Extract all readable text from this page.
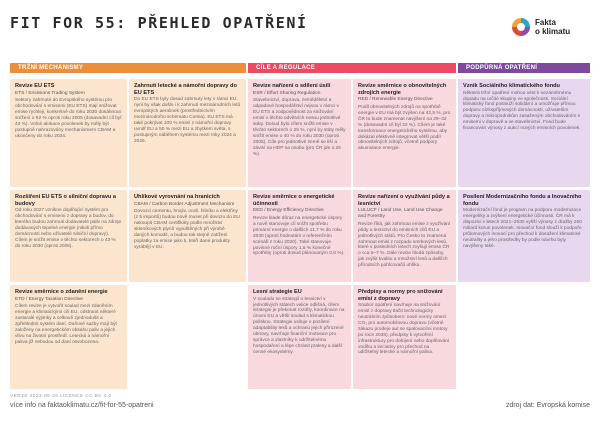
FIT FOR 55: PŘEHLED OPATŘENÍ	Fakta
o klimatu
TRŽNÍ MECHANISMY	CÍLE A REGULACE	PODPŮRNÁ OPATŘENÍ
Revize EU ETS
ETS / Emissions Trading System
Sektory zahrnuté do Evropského systému pro obchodování s emisemi (EU ETS) mají snižovat emise rychleji, konkrétně do roku 2030 dosáhnout snížení o 62 % oproti roku 2005 (dosavadní cíl byl 43 %). Volné alokace povolenek by měly být postupně nahrazovány mechanismem CBAM a ukončeny do roku 2034.
Rozšíření EU ETS o silniční dopravu a budovy
Od roku 2027 vznikne doplňující systém pro obchodování s emisemi z dopravy a budov, do kterého budou zahrnuti dodavatelé paliv na zdroje dodávaných tepelné energie (nikoli přímo domácnosti nebo uživatelé silniční dopravy). Cílem je snížit emise v těchto sektorech o 43 % do roku 2030 (oproti 2005).
Revize směrnice o zdanění energie
ETD / Energy Taxation Directive
Cílem revize je vytvořit soulad mezi zdaněním energie a klimatickými cíli EU, odstranit některé zastaralé výjimky a celkově zjednodušit a zpřehlednit systém daní. Daňové sazby mají být založeny na energetickém obsahu paliv a jejich vlivu na životní prostředí. Letecká a námořní paliva již nebudou od daní osvobozena.
Zahrnutí letecké a námořní dopravy do EU ETS
Do EU ETS byly dosud zahrnuty lety v rámci EU, nyní by však došlo i k zahrnutí mezinárodních letů evropských aerolinek (prostřednictvím mezinárodního schématu Corsia). EU ETS má také pokrývat 100 % emisí z námořní dopravy uvnitř EU a 50 % mezi EU a zbytkem světa, s postupným náběhem systému mezi roky 2024 a 2026.
Uhlíkové vyrovnání na hranicích
CBAM / Carbon Border Adjustment Mechanism
Dovozci cementu, hnojiv, oceli, hliníku a elektřiny (z 5 importů) budou nově muset při dovozu do EU nakoupit CBAM certifikáty podle množství skleníkových plynů vypuštěných při výrobě daných komodit, a budou tak stejně zatíženi poplatky za emise jako ti, kteří dané produkty vyrábějí v EU.
Revize nařízení o sdílení úsilí
ESR / Effort Sharing Regulation
Stavebnictví, doprava, zemědělství a odpadové hospodářství nejsou v rámci v EU ETS a zodpovědnost za snižování emisí v těchto odvětvích nesou jednotlivé státy. Dosud bylo cílem snížit emise v těchto sektorech o 29 %, nyní by státy měly snížit emise o 40 % do roku 2030 (oproti 2005). Cíle pro jednotlivé země se liší a závisí na HDP na osobu (pro ČR jde o 26 %).
Revize směrnice o energetické účinnosti
EED / Energy Efficiency Directive
Revize klade důraz na energetické úspory a nově stanovuje cíl snížit spotřebu primární energie o dalších 11,7 % do roku 2030 (oproti hodnotám v referenčním scénáři z roku 2020). Také stanovuje povinné roční úspory 1,5 % konečné spotřeby (oproti dosud plánovaným 0,8 %).
Lesní strategie EU
V souladu se strategií o lesnictví v jednotlivých státech velice odlišná, cílem strategie je překonat rozdíly, koordinace na úrovni EU a větší soulad s klimatickou politikou. Strategie usiluje o posílení adaptability lesů a ochranu jejich přirozené obnovy, navrhuje finanční motivace pro správce a vlastníky k udržitelnému hospodaření a lépe chránit pralesy a další cenné ekosystémy.
Revize směrnice o obnovitelných zdrojích energie
RED / Renewable Energy Directive
Podíl obnovitelných zdrojů na spotřebě energie v EU má být zvýšen na 42,5 %, pro ČR to bude znamenat navýšení na 29–32 % (dosavadní cíl byl 22 %). Cílem je také transformace energetického systému, aby dokázal efektivně integrovat větší podíl obnovitelných zdrojů, včetně podpory akumulace energie.
Revize nařízení o využívání půdy a lesnictví
LULUCF / Land Use, Land Use Change and Forestry
Revize říká, jak zahrnout emise z využívání půdy a lesnictví do emisních cílů EU a jednotlivých států. Pro Česko to znamená zahrnout emisi z rozpadu smrkových lesů, které v posledních letech zvyšují emise ČR o cca 5–7 %. Dále revize hledá způsoby, jak zvýšit kvalitu a množství lesů a dalších přírodních pohlcovačů uhlíku.
Předpisy a normy pro snižování emisí z dopravy
Soubor opatření navrhuje na snižování emisí z dopravy tlačit technologicky neutrálním způsobem: nové normy omezí CO₂ pro automobilovou dopravu (včetně zákazu prodeje aut se spalovacími motory po roce 2035), předpisy k vytvoření infrastruktury pro dobíjení nebo doplňování vodíku a iniciativy pro přechod na udržitelný letecké a námořní paliva.
Vznik Sociálního klimatického fondu
Některá tržní opatření mohou vést k nezáměrnému dopadu na určité skupiny ve společnosti. Sociální klimatický fond poslouží solidární a umožňuje přímou podporu nízkopříjmových domácností, uživatelům dopravy a mikropodnikům zasaženým obchodováním s emisemi v dopravě a ve stavebnictví. Fond bude financován výnosy z aukcí nových emisních povolenek.
Posílení Modernizačního fondu a Inovačního fondu
Modernizační fond je program na podporu modernizace energetiky a zvýšení energetické účinnosti. ČR má k dispozici v letech 2021–2030 vyšší výnosy z dražby 200 miliard korun povolenek. Inovační fond slouží k podpoře průlomových inovací pro přechod k dosažení klimatické neutrality a jeho prostředky by podle návrhu byly navýšeny také.
VERZE 2023-06-28 LICENCE CC BY 4.0
více info na faktaoklimatu.cz/fit-for-55-opatreni	zdroj dat: Evropská komise
